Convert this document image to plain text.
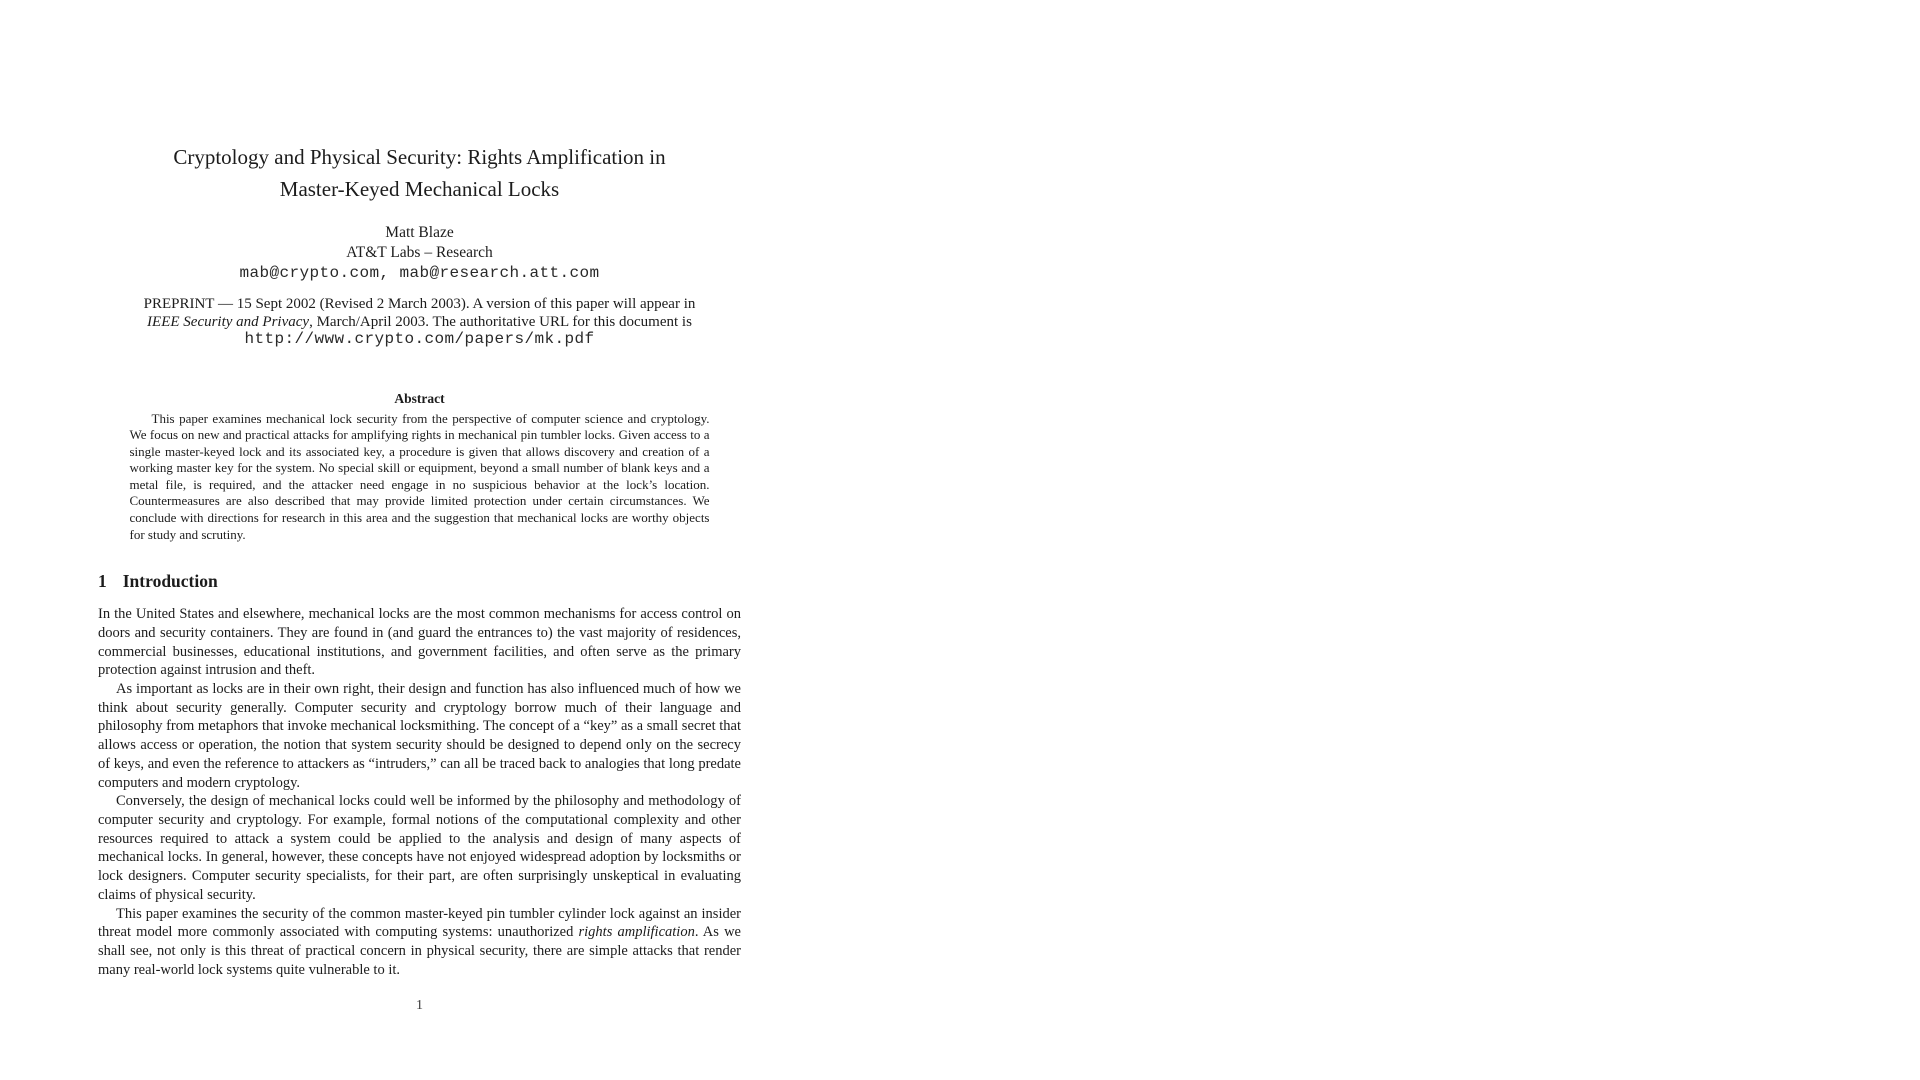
Cryptology and Physical Security: Rights Amplification in
Master-Keyed Mechanical Locks
Matt Blaze
AT&T Labs – Research
mab@crypto.com, mab@research.att.com
PREPRINT — 15 Sept 2002 (Revised 2 March 2003). A version of this paper will appear in
IEEE Security and Privacy, March/April 2003. The authoritative URL for this document is
http://www.crypto.com/papers/mk.pdf
Abstract

This paper examines mechanical lock security from the perspective of computer science and cryptology. We focus on new and practical attacks for amplifying rights in mechanical pin tumbler locks. Given access to a single master-keyed lock and its associated key, a procedure is given that allows discovery and creation of a working master key for the system. No special skill or equipment, beyond a small number of blank keys and a metal file, is required, and the attacker need engage in no suspicious behavior at the lock’s location. Countermeasures are also described that may provide limited protection under certain circumstances. We conclude with directions for research in this area and the suggestion that mechanical locks are worthy objects for study and scrutiny.

1 Introduction

In the United States and elsewhere, mechanical locks are the most common mechanisms for access control on doors and security containers. They are found in (and guard the entrances to) the vast majority of residences, commercial businesses, educational institutions, and government facilities, and often serve as the primary protection against intrusion and theft.

As important as locks are in their own right, their design and function has also influenced much of how we think about security generally. Computer security and cryptology borrow much of their language and philosophy from metaphors that invoke mechanical locksmithing. The concept of a “key” as a small secret that allows access or operation, the notion that system security should be designed to depend only on the secrecy of keys, and even the reference to attackers as “intruders,” can all be traced back to analogies that long predate computers and modern cryptology.

Conversely, the design of mechanical locks could well be informed by the philosophy and methodology of computer security and cryptology. For example, formal notions of the computational complexity and other resources required to attack a system could be applied to the analysis and design of many aspects of mechanical locks. In general, however, these concepts have not enjoyed widespread adoption by locksmiths or lock designers. Computer security specialists, for their part, are often surprisingly unskeptical in evaluating claims of physical security.

This paper examines the security of the common master-keyed pin tumbler cylinder lock against an insider threat model more commonly associated with computing systems: unauthorized rights amplification. As we shall see, not only is this threat of practical concern in physical security, there are simple attacks that render many real-world lock systems quite vulnerable to it.

1
